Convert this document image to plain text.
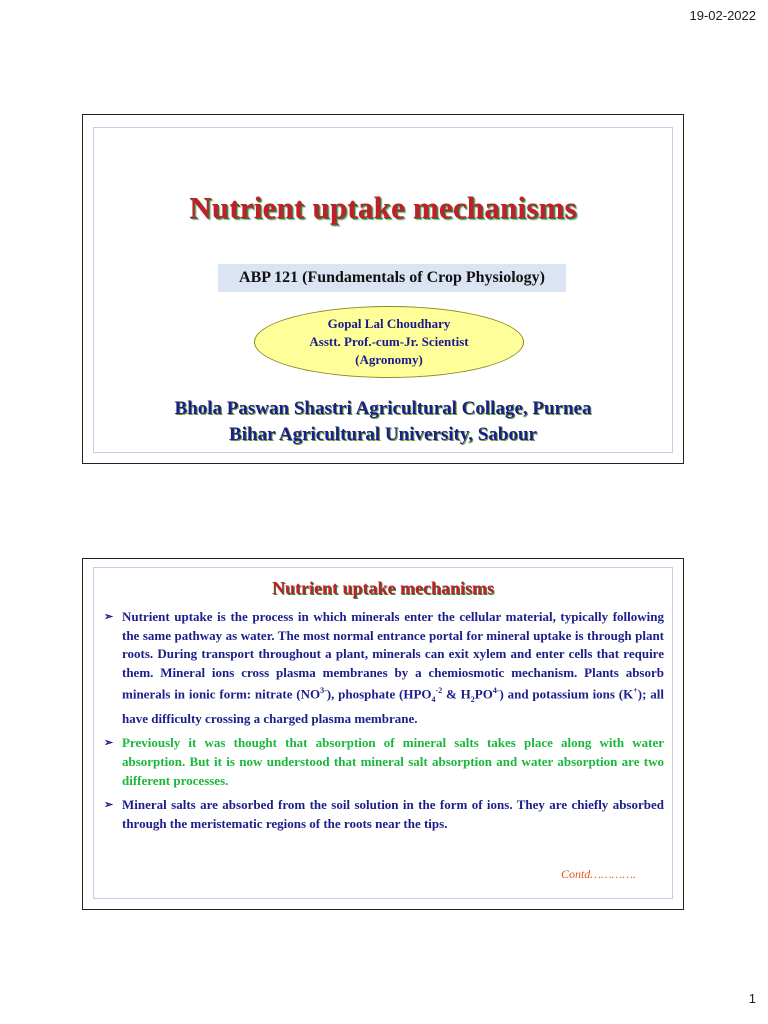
19-02-2022
Nutrient uptake mechanisms
ABP 121 (Fundamentals of Crop Physiology)
Gopal Lal Choudhary
Asstt. Prof.-cum-Jr. Scientist
(Agronomy)
Bhola Paswan Shastri Agricultural Collage, Purnea
Bihar Agricultural University, Sabour
Nutrient uptake mechanisms
➢ Nutrient uptake is the process in which minerals enter the cellular material, typically following the same pathway as water. The most normal entrance portal for mineral uptake is through plant roots. During transport throughout a plant, minerals can exit xylem and enter cells that require them. Mineral ions cross plasma membranes by a chemiosmotic mechanism. Plants absorb minerals in ionic form: nitrate $(NO^{3-})$, phosphate ($HPO_4^{-2}$ & $H_2PO^{4-}$) and potassium ions (K+); all have difficulty crossing a charged plasma membrane.
➢ Previously it was thought that absorption of mineral salts takes place along with water absorption. But it is now understood that mineral salt absorption and water absorption are two different processes.
➢ Mineral salts are absorbed from the soil solution in the form of ions. They are chiefly absorbed through the meristematic regions of the roots near the tips.
Contd………….
1
